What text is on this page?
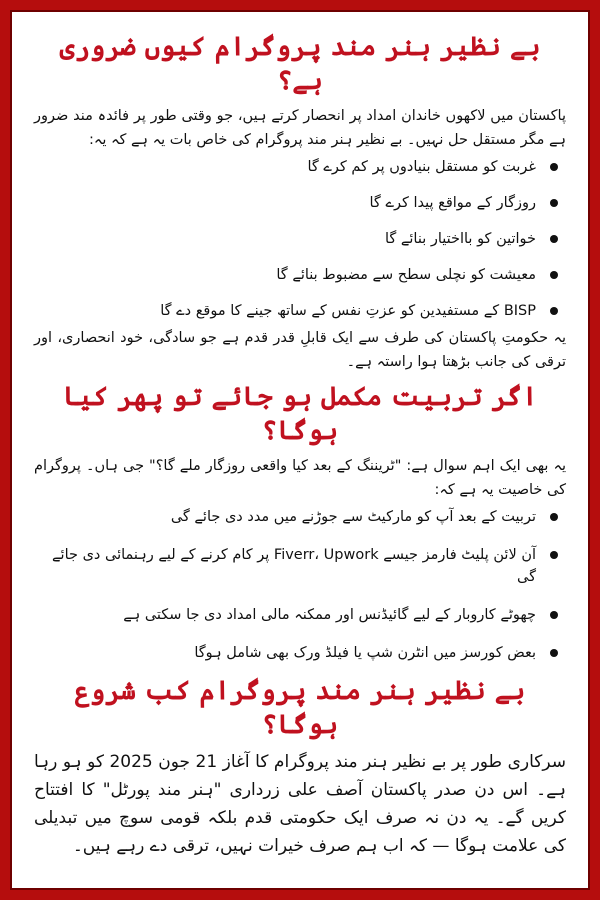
بے نظیر ہنر مند پروگرام کیوں ضروری ہے؟

پاکستان میں لاکھوں خاندان امداد پر انحصار کرتے ہیں، جو وقتی طور پر فائدہ مند ضرور ہے مگر مستقل حل نہیں۔ بے نظیر ہنر مند پروگرام کی خاص بات یہ ہے کہ یہ:

غربت کو مستقل بنیادوں پر کم کرے گا
روزگار کے مواقع پیدا کرے گا
خواتین کو بااختیار بنائے گا
معیشت کو نچلی سطح سے مضبوط بنائے گا
BISP کے مستفیدین کو عزتِ نفس کے ساتھ جینے کا موقع دے گا

یہ حکومتِ پاکستان کی طرف سے ایک قابلِ قدر قدم ہے جو سادگی، خود انحصاری، اور ترقی کی جانب بڑھتا ہوا راستہ ہے۔

اگر تربیت مکمل ہو جائے تو پھر کیا ہوگا؟

یہ بھی ایک اہم سوال ہے: "ٹریننگ کے بعد کیا واقعی روزگار ملے گا؟" جی ہاں۔ پروگرام کی خاصیت یہ ہے کہ:

تربیت کے بعد آپ کو مارکیٹ سے جوڑنے میں مدد دی جائے گی
آن لائن پلیٹ فارمز جیسے Fiverr، Upwork پر کام کرنے کے لیے رہنمائی دی جائے گی
چھوٹے کاروبار کے لیے گائیڈنس اور ممکنہ مالی امداد دی جا سکتی ہے
بعض کورسز میں انٹرن شپ یا فیلڈ ورک بھی شامل ہوگا
بے نظیر ہنر مند پروگرام کب شروع ہوگا؟

سرکاری طور پر بے نظیر ہنر مند پروگرام کا آغاز 21 جون 2025 کو ہو رہا ہے۔ اس دن صدر پاکستان آصف علی زرداری "ہنر مند پورٹل" کا افتتاح کریں گے۔ یہ دن نہ صرف ایک حکومتی قدم بلکہ قومی سوچ میں تبدیلی کی علامت ہوگا — کہ اب ہم صرف خیرات نہیں، ترقی دے رہے ہیں۔
